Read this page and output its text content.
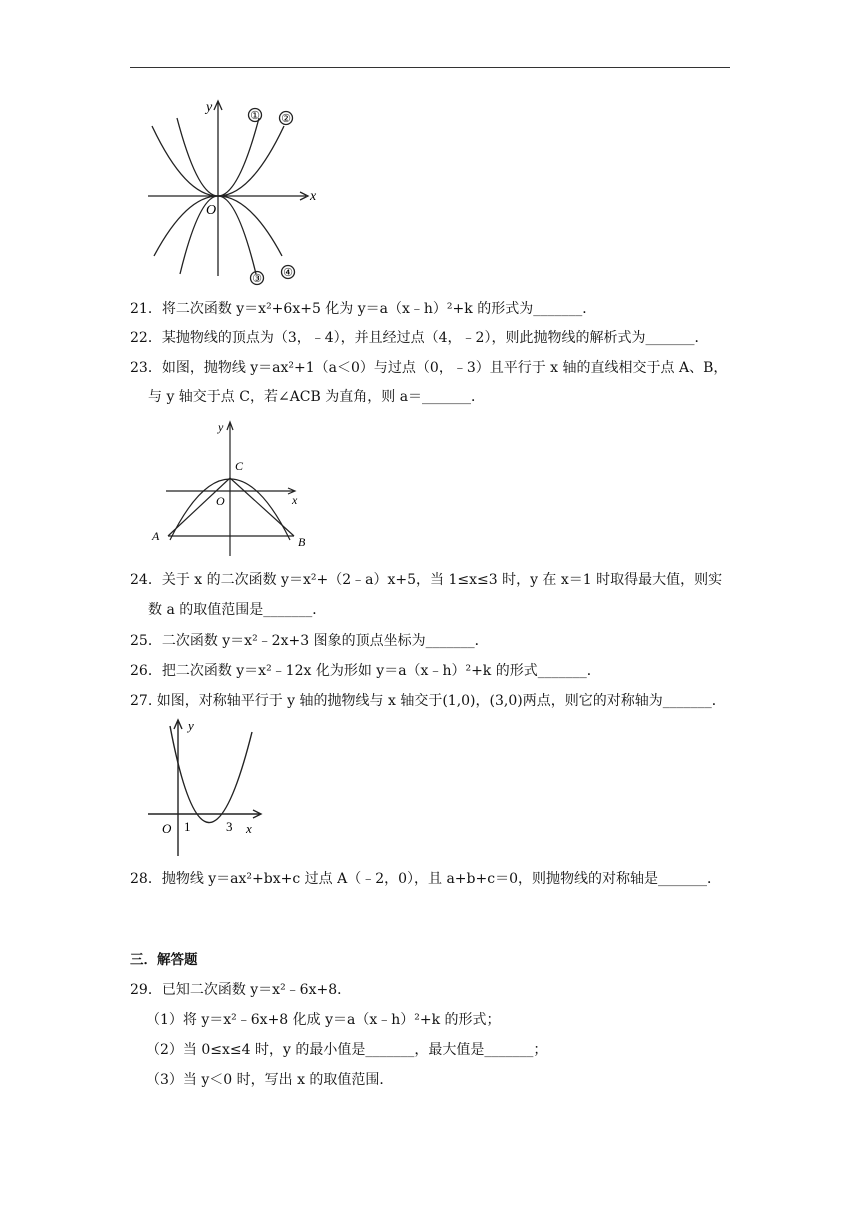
y
x
O
① ②
③ ④
21．将二次函数 y＝x²+6x+5 化为 y＝a（x﹣h）²+k 的形式为_______．
22．某抛物线的顶点为（3，﹣4），并且经过点（4，﹣2），则此抛物线的解析式为_______．
23．如图，抛物线 y＝ax²+1（a＜0）与过点（0，﹣3）且平行于 x 轴的直线相交于点 A、B，
与 y 轴交于点 C，若∠ACB 为直角，则 a＝_______．
y
x
O
C
A	B
24．关于 x 的二次函数 y＝x²+（2﹣a）x+5，当 1≤x≤3 时，y 在 x＝1 时取得最大值，则实
数 a 的取值范围是_______．
25．二次函数 y＝x²﹣2x+3 图象的顶点坐标为_______．
26．把二次函数 y＝x²﹣12x 化为形如 y＝a（x﹣h）²+k 的形式_______．
27. 如图，对称轴平行于 y 轴的抛物线与 x 轴交于(1,0)，(3,0)两点，则它的对称轴为_______．
y
x
O 1	3
28．抛物线 y＝ax²+bx+c 过点 A（﹣2，0），且 a+b+c＝0，则抛物线的对称轴是_______．
三．解答题
29．已知二次函数 y＝x²﹣6x+8．
（1）将 y＝x²﹣6x+8 化成 y＝a（x﹣h）²+k 的形式；
（2）当 0≤x≤4 时，y 的最小值是_______，最大值是_______；
（3）当 y＜0 时，写出 x 的取值范围．
